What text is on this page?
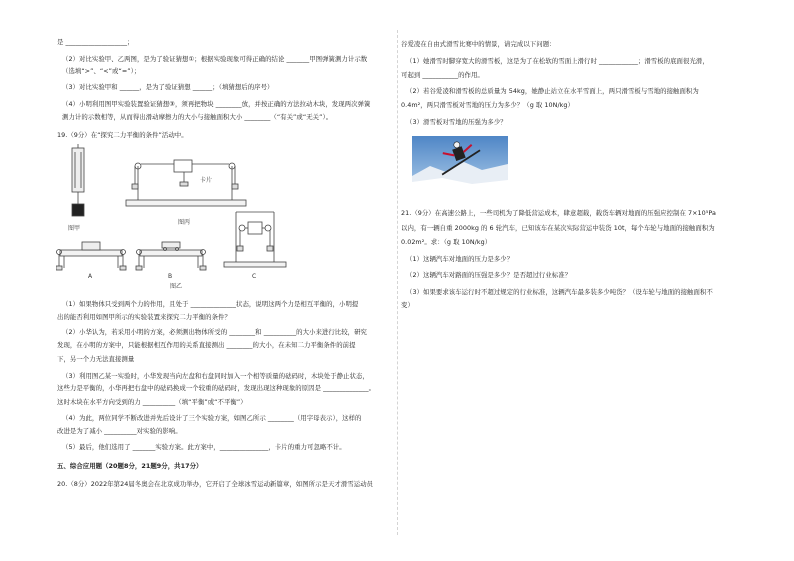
是 ___________________；
（2）对比实验甲、乙两图，是为了验证猜想①；根据实验现象可得正确的结论 _______甲图弹簧测力计示数
（选填“>”、“<”或“=”）；
（3）对比实验甲和 ______，是为了验证猜想 ______；（填猜想后的序号）
（4）小明利用图甲实验装置验证猜想③，须再把物块 ________放，并按正确的方法拉动木块，发现两次弹簧
测力计的示数相等，从而得出滑动摩擦力的大小与接触面积大小 ________（“有关”或“无关”）。
19.（9分）在“探究二力平衡的条件”活动中。
图甲
卡片
图丙
A	B	C
图乙
（1）如果物体只受到两个力的作用，且处于 ______________状态，说明这两个力是相互平衡的，小明提
出的能否利用如图甲所示的实验装置来探究二力平衡的条件？
（2）小华认为，若采用小明的方案，必须测出物体所受的 ________和 __________的大小来进行比较，研究
发现，在小明的方案中，只能根据相互作用的关系直接测出 ________的大小，在未知二力平衡条件的前提
下，另一个力无法直接测量
（3）利用图乙某一实验时，小华发现当向左盘和右盘同时加入一个相等质量的砝码时，木块处于静止状态，
这些力是平衡的，小华再把右盘中的砝码换成一个较重的砝码时，发现出现这种现象的原因是 ______________。
这时木块在水平方向受到的力 __________（填“平衡”或“不平衡”）
（4）为此，两位同学不断改进并先后设计了三个实验方案，如图乙所示 ________（用字母表示），这样的
改进是为了减小 __________对实验的影响。
（5）最后，他们选用了 _______实验方案。此方案中，_______________，卡片的重力可忽略不计。
五、综合应用题（20题8分，21题9分，共17分）
20.（8分）2022年第24届冬奥会在北京成功举办，它开启了全球冰雪运动新篇章，如图所示是天才滑雪运动员
谷爱凌在自由式滑雪比赛中的情景，请完成以下问题：
（1）她滑雪时脚穿宽大的滑雪板，这是为了在松软的雪面上滑行时 ____________；滑雪板的底面很光滑，
可起到 ___________的作用。
（2）若谷爱凌和滑雪板的总质量为 54kg，她静止站立在水平雪面上，两只滑雪板与雪地的接触面积为
0.4m²，两只滑雪板对雪地的压力为多少？（g 取 10N/kg）
（3）滑雪板对雪地的压强为多少？
21.（9分）在高速公路上，一些司机为了降低营运成本，肆意超载，载货车辆对地面的压强应控制在 7×10⁵Pa
以内，有一辆自重 2000kg 的 6 轮汽车，已知该车在某次实际营运中装货 10t，每个车轮与地面的接触面积为
0.02m²。求：（g 取 10N/kg）
（1）这辆汽车对地面的压力是多少？
（2）这辆汽车对路面的压强是多少？是否超过行业标准？
（3）如果要求该车运行时不超过规定的行业标准，这辆汽车最多装多少吨货？（设车轮与地面的接触面积不
变）
